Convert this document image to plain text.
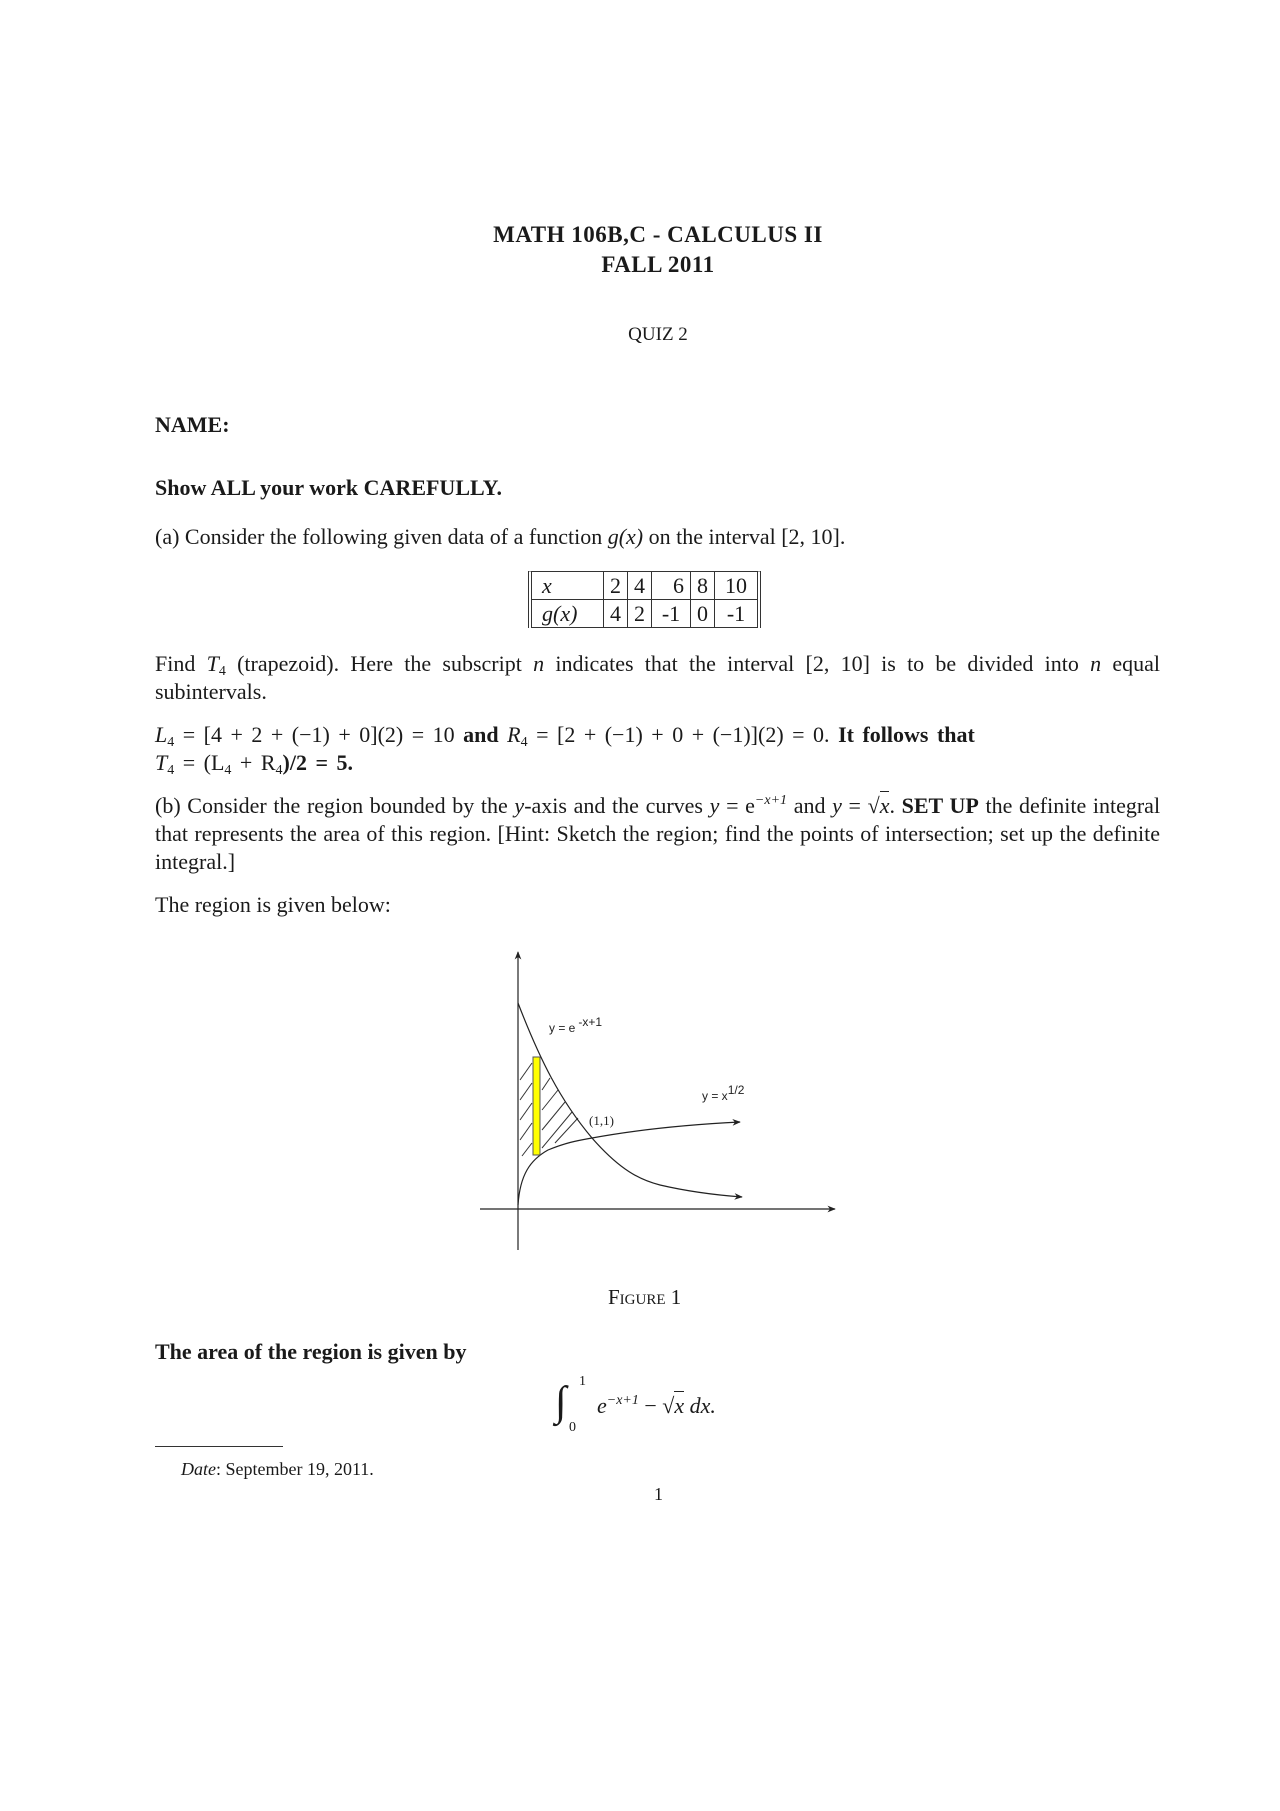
MATH 106B,C - CALCULUS II
FALL 2011
QUIZ 2
NAME:
Show ALL your work CAREFULLY.
(a) Consider the following given data of a function g(x) on the interval [2, 10].
x	2	4	6	8	10
g(x)	4	2	-1	0	-1
Find $T_4$ (trapezoid). Here the subscript n indicates that the interval [2, 10] is to be divided into n equal subintervals.
$L_4 = [4 + 2 + (-1) + 0](2) = 10$ and $R_4 = [2 + (-1) + 0 + (-1)](2) = 0$. It follows that
$T_4 = (L_4 + R_4)/2 = 5$.
(b) Consider the region bounded by the y-axis and the curves $y = e^{-x+1}$ and y = √x. SET UP the definite integral that represents the area of this region. [Hint: Sketch the region; find the points of intersection; set up the definite integral.]
The region is given below:
y = e -x+1
y = x1/2
(1,1)
Figure 1
The area of the region is given by
∫ 1
0
$e^{-x+1} - √x$ dx.
Date: September 19, 2011.
1
